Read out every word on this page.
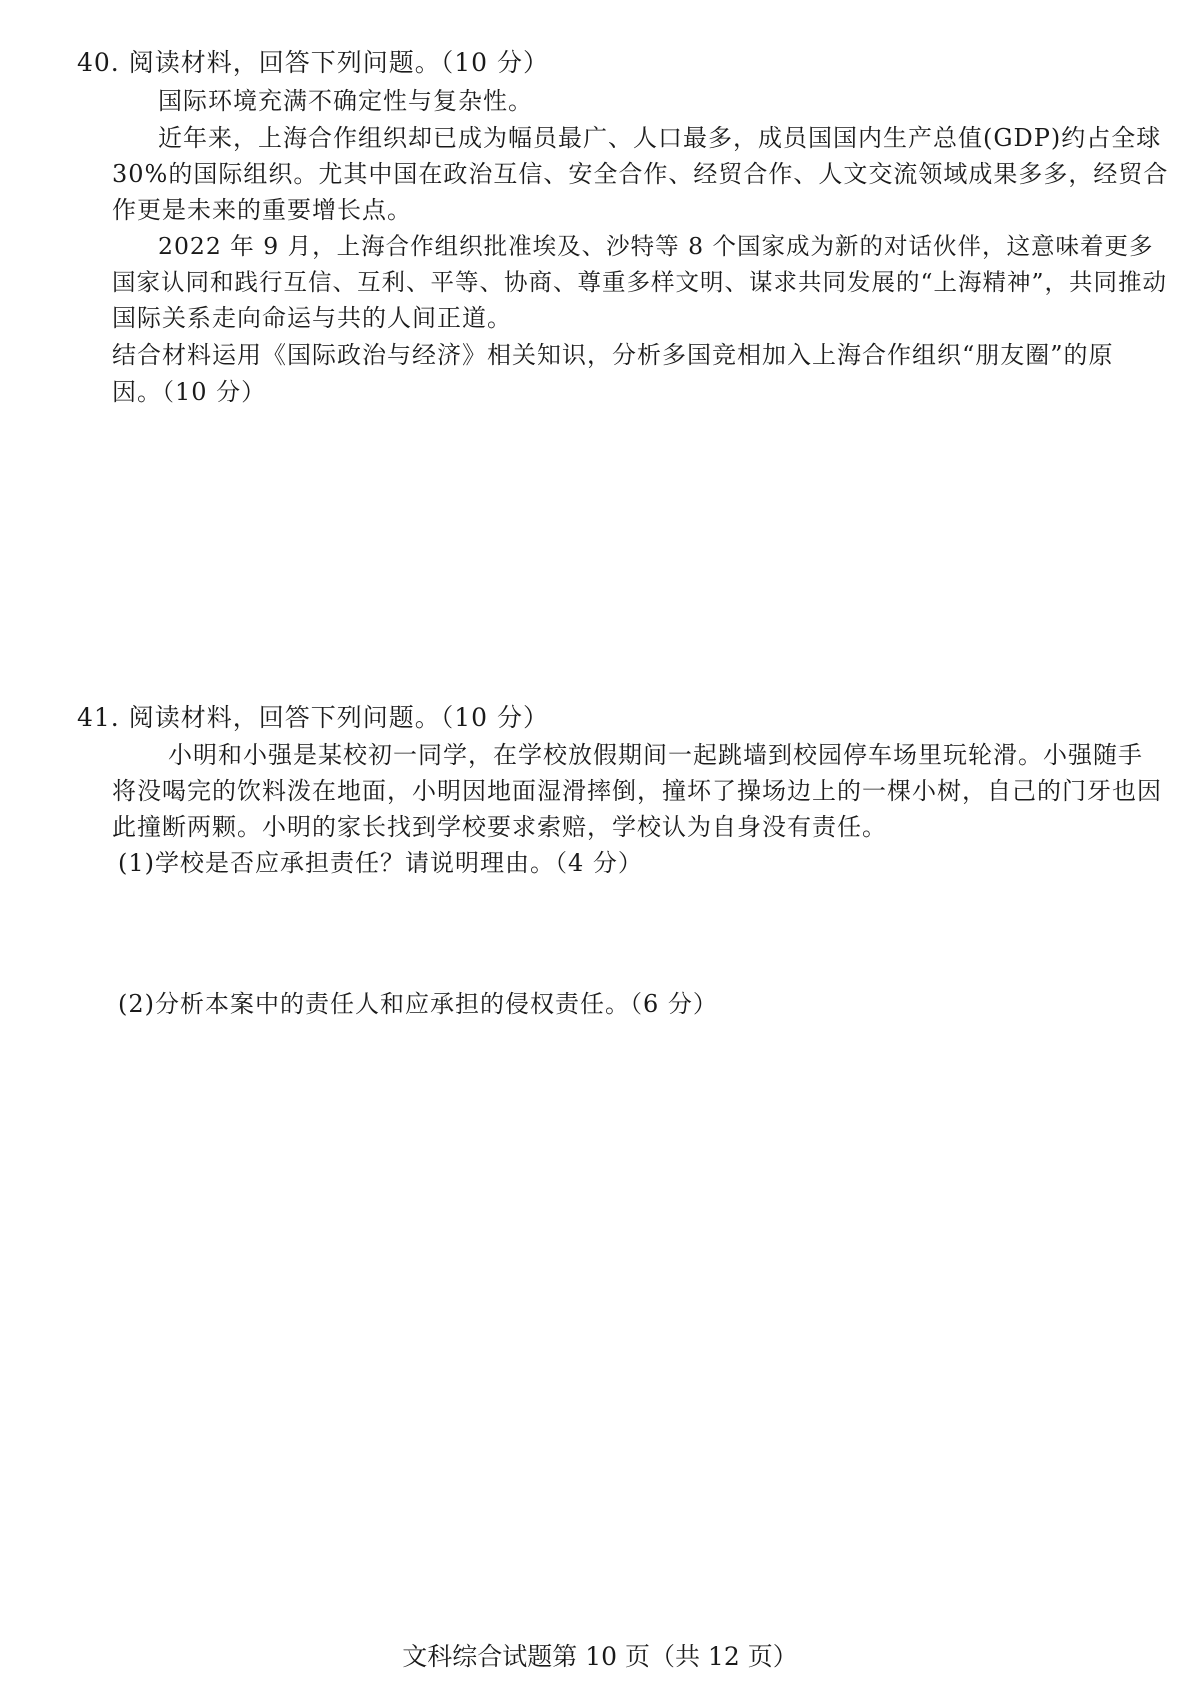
40. 阅读材料，回答下列问题。（10 分）
国际环境充满不确定性与复杂性。
近年来，上海合作组织却已成为幅员最广、人口最多，成员国国内生产总值(GDP)约占全球
30%的国际组织。尤其中国在政治互信、安全合作、经贸合作、人文交流领域成果多多，经贸合
作更是未来的重要增长点。
2022 年 9 月，上海合作组织批准埃及、沙特等 8 个国家成为新的对话伙伴，这意味着更多
国家认同和践行互信、互利、平等、协商、尊重多样文明、谋求共同发展的“上海精神”，共同推动
国际关系走向命运与共的人间正道。
结合材料运用《国际政治与经济》相关知识，分析多国竞相加入上海合作组织“朋友圈”的原
因。（10 分）
41. 阅读材料，回答下列问题。（10 分）
小明和小强是某校初一同学，在学校放假期间一起跳墙到校园停车场里玩轮滑。小强随手
将没喝完的饮料泼在地面，小明因地面湿滑摔倒，撞坏了操场边上的一棵小树，自己的门牙也因
此撞断两颗。小明的家长找到学校要求索赔，学校认为自身没有责任。
(1)学校是否应承担责任？请说明理由。（4 分）
(2)分析本案中的责任人和应承担的侵权责任。（6 分）
文科综合试题第 10 页（共 12 页）
